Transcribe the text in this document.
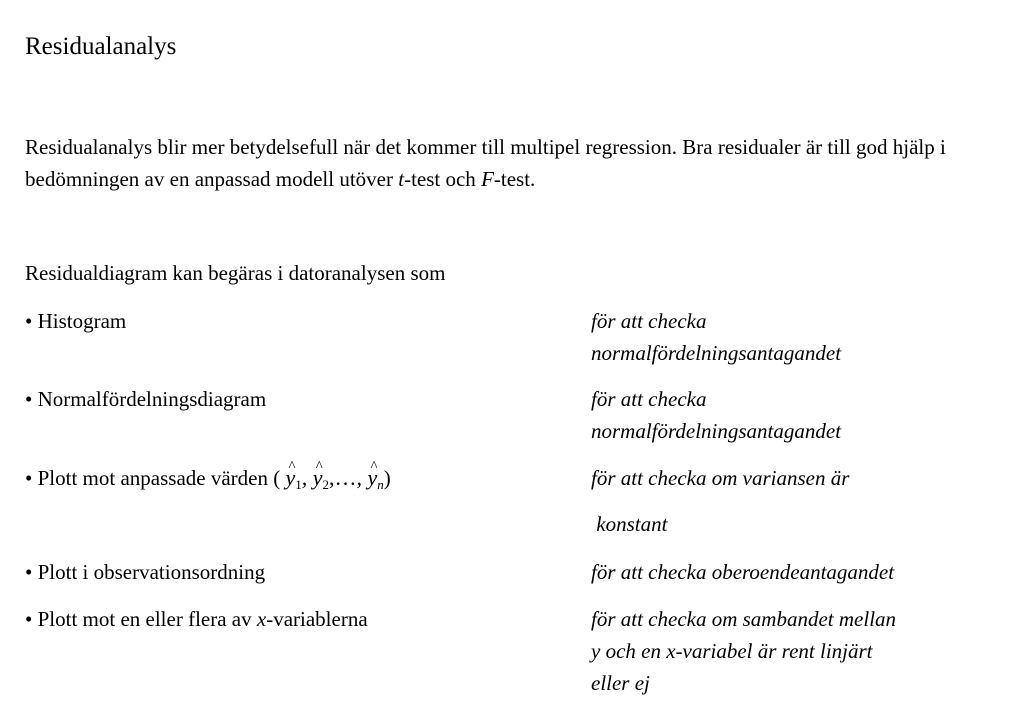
Residualanalys
Residualanalys blir mer betydelsefull när det kommer till multipel regression. Bra residualer är till god hjälp i bedömningen av en anpassad modell utöver t-test och F-test.
Residualdiagram kan begäras i datoranalysen som
• Histogram	för att checka
normalfördelningsantagandet
• Normalfördelningsdiagram	för att checka
normalfördelningsantagandet
• Plott mot anpassade värden ( ^ $y_1$, ^ $y_2,\dots$, ^ $y_n$)	för att checka om variansen är
konstant
• Plott i observationsordning	för att checka oberoendeantagandet
• Plott mot en eller flera av x-variablerna	för att checka om sambandet mellan
y och en x-variabel är rent linjärt
eller ej
